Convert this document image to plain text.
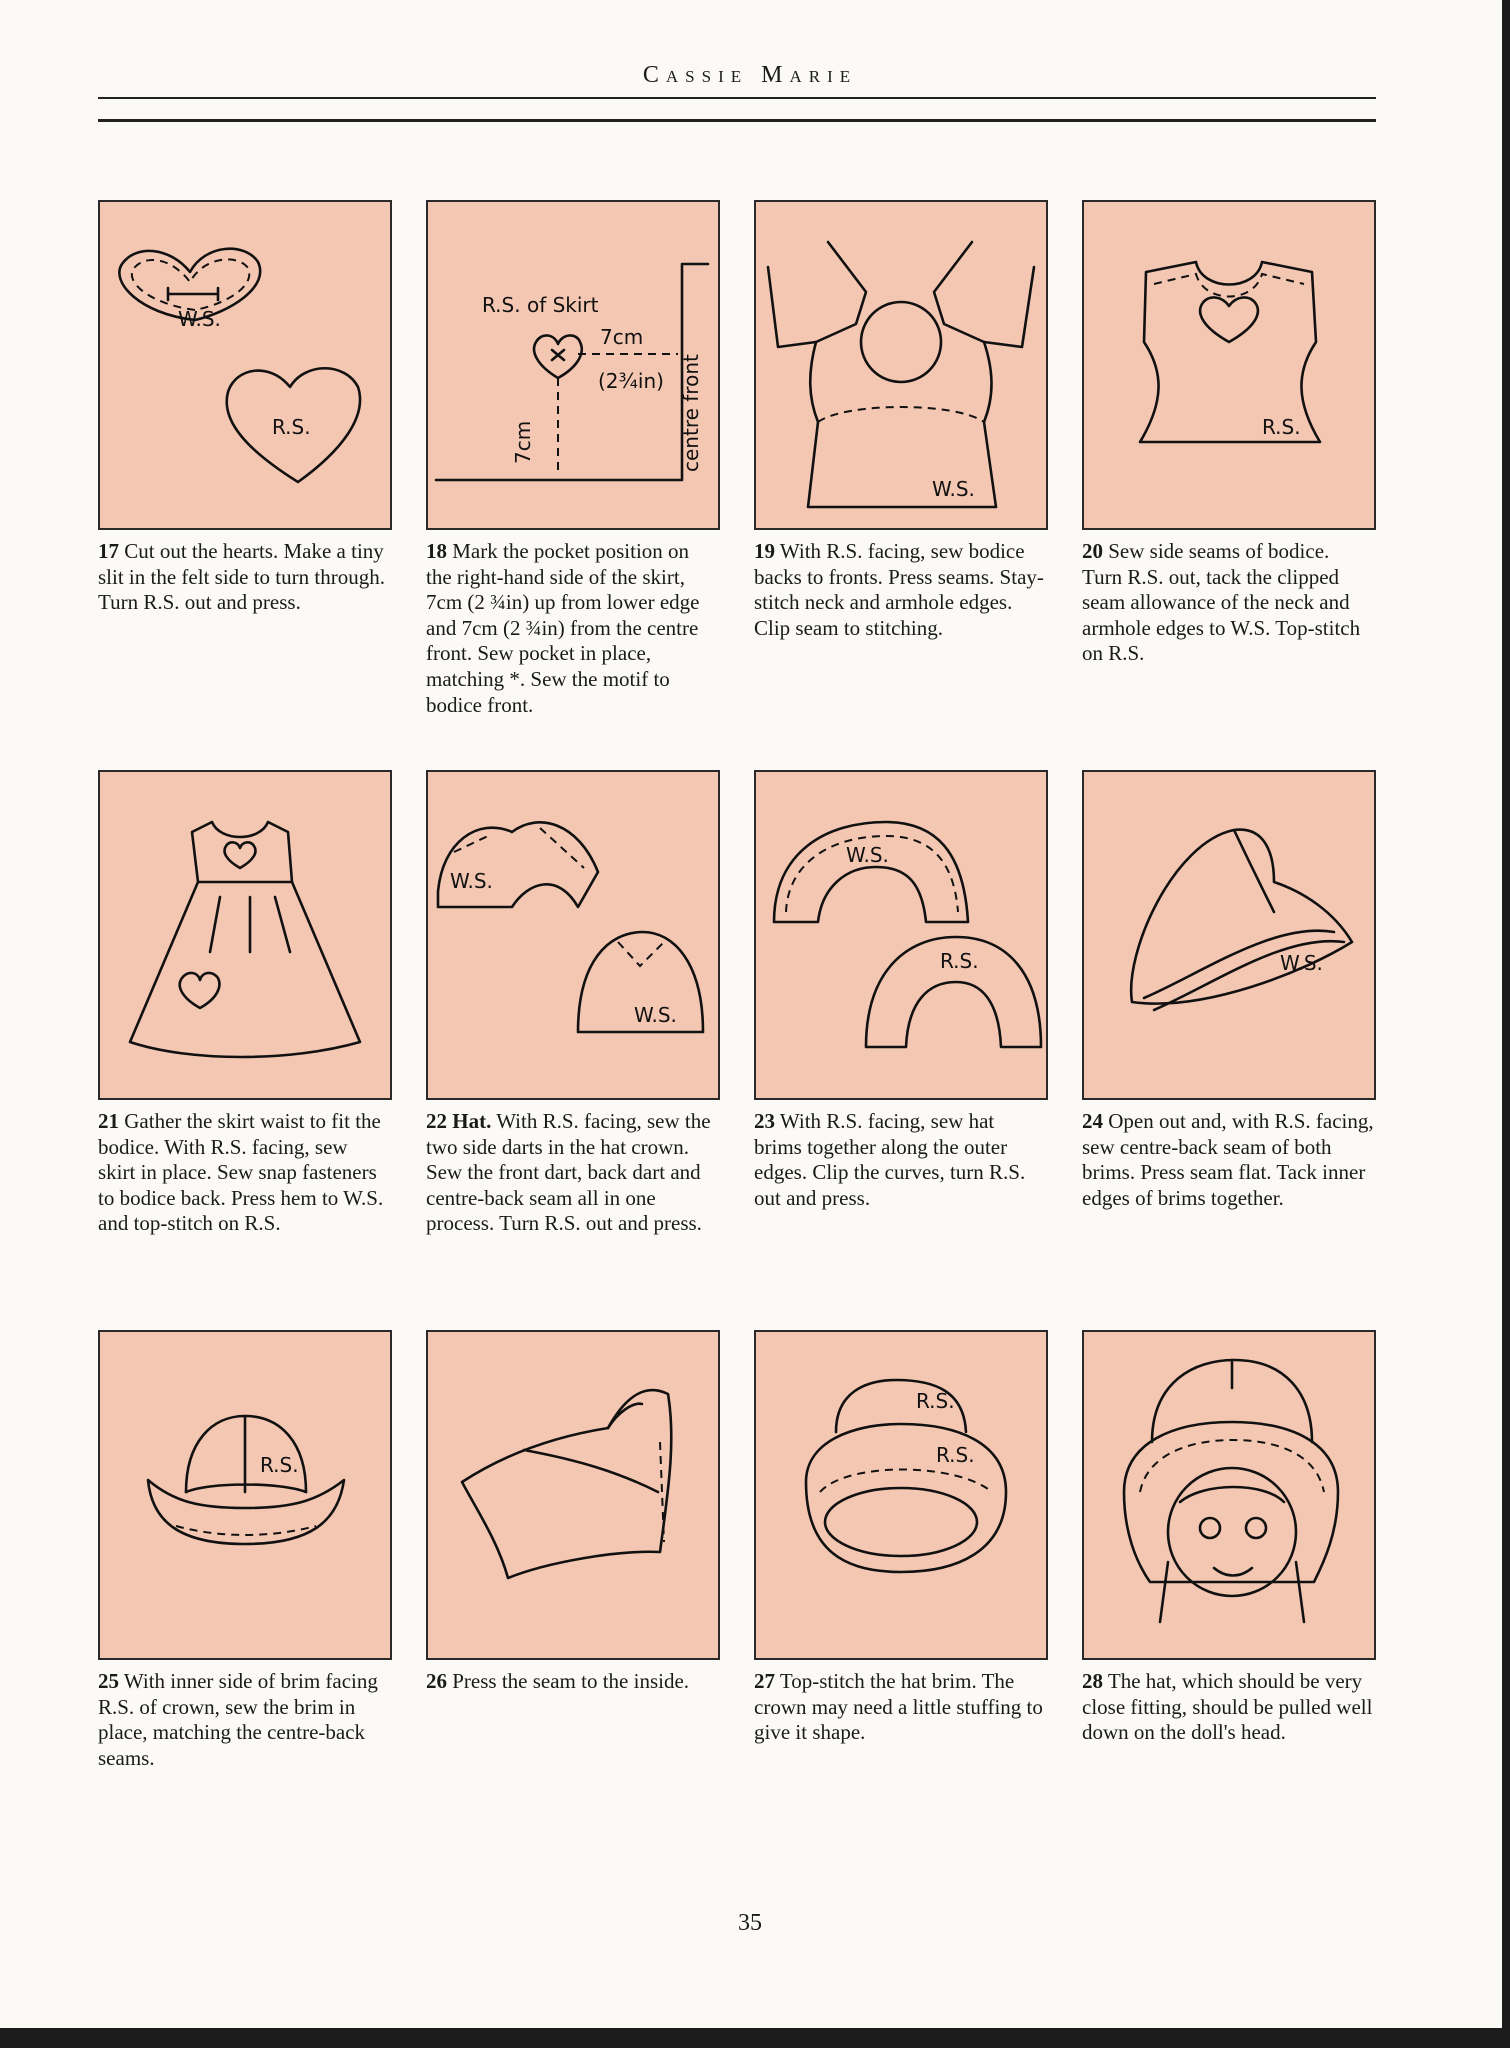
Cassie Marie
W.S.
R.S.
17 Cut out the hearts. Make a tiny slit in the felt side to turn through. Turn R.S. out and press.
R.S. of Skirt
7cm
(2¾in)
7cm	centre front
18 Mark the pocket position on the right-hand side of the skirt, 7cm (2 ¾in) up from lower edge and 7cm (2 ¾in) from the centre front. Sew pocket in place, matching *. Sew the motif to bodice front.
W.S.
19 With R.S. facing, sew bodice backs to fronts. Press seams. Stay-stitch neck and armhole edges. Clip seam to stitching.
R.S.
20 Sew side seams of bodice. Turn R.S. out, tack the clipped seam allowance of the neck and armhole edges to W.S. Top-stitch on R.S.
21 Gather the skirt waist to fit the bodice. With R.S. facing, sew skirt in place. Sew snap fasteners to bodice back. Press hem to W.S. and top-stitch on R.S.
W.S.
W.S.
22 Hat. With R.S. facing, sew the two side darts in the hat crown. Sew the front dart, back dart and centre-back seam all in one process. Turn R.S. out and press.
W.S.
R.S.
23 With R.S. facing, sew hat brims together along the outer edges. Clip the curves, turn R.S. out and press.
W.S.
24 Open out and, with R.S. facing, sew centre-back seam of both brims. Press seam flat. Tack inner edges of brims together.
R.S.
25 With inner side of brim facing R.S. of crown, sew the brim in place, matching the centre-back seams.
26 Press the seam to the inside.
R.S.
R.S.
27 Top-stitch the hat brim. The crown may need a little stuffing to give it shape.
28 The hat, which should be very close fitting, should be pulled well down on the doll's head.
35
